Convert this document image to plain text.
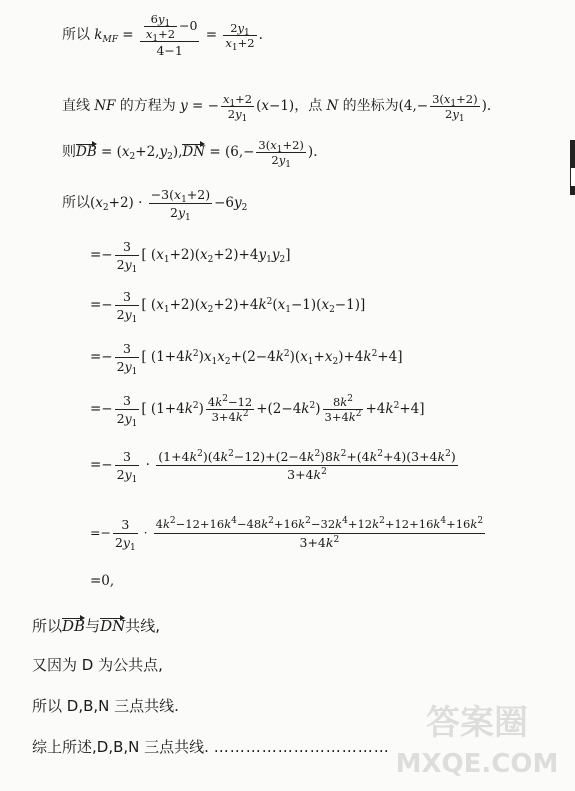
所以 $k_{MF} = \frac{\frac{6y_1}{x_1+2} -0}{4-1} = \frac{2y_1}{x_1+2}$ .
直线 NF 的方程为 y = − $\frac{x_1+2}{2y_1} (x-1)$，点 N 的坐标为($4,- \frac{3(x_1+2)}{2y_1}$ ).
则DB = $(x_2+2,y_2),DN = (6,- \frac{3(x_1+2)}{2y_1}$ ).
所以$(x_2+2) \cdot \frac{-3(x_1+2)}{2y_1} -6y_2$
=− $\frac{3}{2y_1}$ [ $(x_1+2)(x_2+2)+4y_1y_2$]
=− $\frac{3}{2y_1}$ [ $(x_1+2)(x_2+2)+4k^2(x_1-1)(x_2-1)$]
=− $\frac{3}{2y_1}$ [ $(1+4k^2)x_1x_2+(2-4k^2)(x_1+x_2)+4k^2+4$]
=− $\frac{3}{2y_1}$ [ $(1+4k^2) \frac{4k^2-12}{3+4k^2} +(2-4k^2) \frac{8k^2}{3+4k^2} +4k^2+4$]
=− $\frac{3}{2y_1} \cdot \frac{(1+4k^2)(4k^2-12)+(2-4k^2)8k^2+(4k^2+4)(3+4k^2)}{3+4k^2}$
=− $\frac{3}{2y_1} \cdot \frac{4k^2-12+16k^4-48k^2+16k^2-32k^4+12k^2+12+16k^4+16k^2}{3+4k^2}$
=0,
所以DB与DN共线,
又因为 D 为公共点,
所以 D,B,N 三点共线.
综上所述,D,B,N 三点共线. ……………………………
答案圈
MXQE.COM
